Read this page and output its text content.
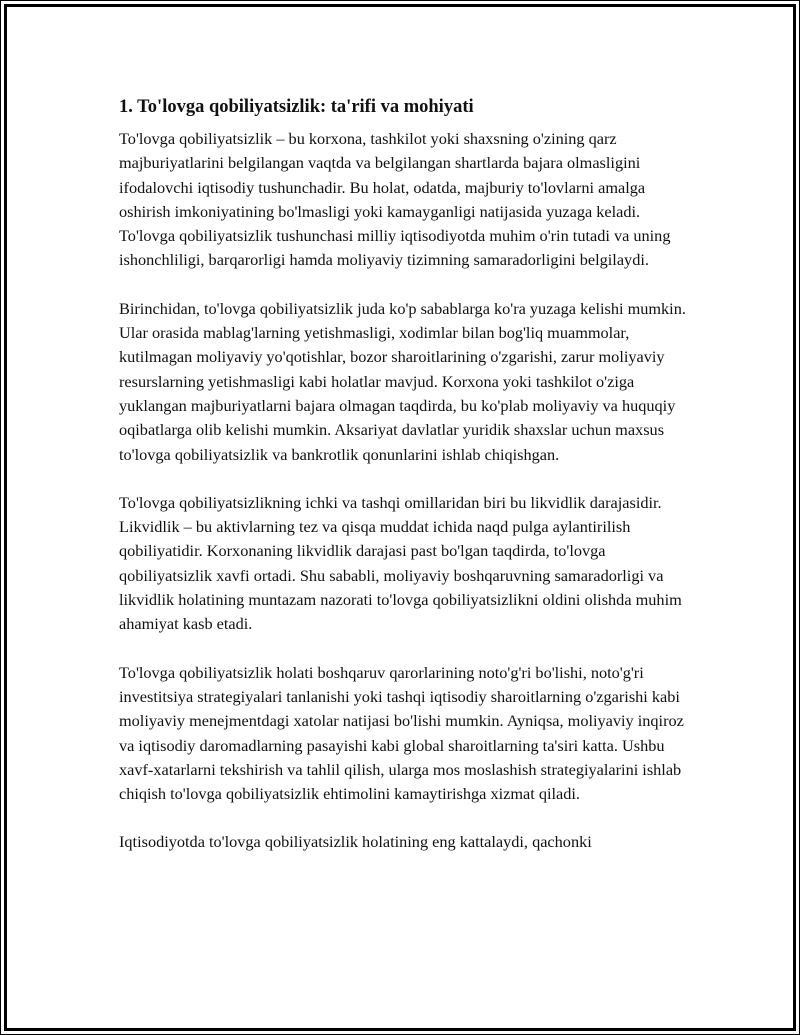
1. To'lovga qobiliyatsizlik: ta'rifi va mohiyati

To'lovga qobiliyatsizlik – bu korxona, tashkilot yoki shaxsning o'zining qarz majburiyatlarini belgilangan vaqtda va belgilangan shartlarda bajara olmasligini ifodalovchi iqtisodiy tushunchadir. Bu holat, odatda, majburiy to'lovlarni amalga oshirish imkoniyatining bo'lmasligi yoki kamayganligi natijasida yuzaga keladi. To'lovga qobiliyatsizlik tushunchasi milliy iqtisodiyotda muhim o'rin tutadi va uning ishonchliligi, barqarorligi hamda moliyaviy tizimning samaradorligini belgilaydi.

Birinchidan, to'lovga qobiliyatsizlik juda ko'p sabablarga ko'ra yuzaga kelishi mumkin. Ular orasida mablag'larning yetishmasligi, xodimlar bilan bog'liq muammolar, kutilmagan moliyaviy yo'qotishlar, bozor sharoitlarining o'zgarishi, zarur moliyaviy resurslarning yetishmasligi kabi holatlar mavjud. Korxona yoki tashkilot o'ziga yuklangan majburiyatlarni bajara olmagan taqdirda, bu ko'plab moliyaviy va huquqiy oqibatlarga olib kelishi mumkin. Aksariyat davlatlar yuridik shaxslar uchun maxsus to'lovga qobiliyatsizlik va bankrotlik qonunlarini ishlab chiqishgan.

To'lovga qobiliyatsizlikning ichki va tashqi omillaridan biri bu likvidlik darajasidir. Likvidlik – bu aktivlarning tez va qisqa muddat ichida naqd pulga aylantirilish qobiliyatidir. Korxonaning likvidlik darajasi past bo'lgan taqdirda, to'lovga qobiliyatsizlik xavfi ortadi. Shu sababli, moliyaviy boshqaruvning samaradorligi va likvidlik holatining muntazam nazorati to'lovga qobiliyatsizlikni oldini olishda muhim ahamiyat kasb etadi.

To'lovga qobiliyatsizlik holati boshqaruv qarorlarining noto'g'ri bo'lishi, noto'g'ri investitsiya strategiyalari tanlanishi yoki tashqi iqtisodiy sharoitlarning o'zgarishi kabi moliyaviy menejmentdagi xatolar natijasi bo'lishi mumkin. Ayniqsa, moliyaviy inqiroz va iqtisodiy daromadlarning pasayishi kabi global sharoitlarning ta'siri katta. Ushbu xavf-xatarlarni tekshirish va tahlil qilish, ularga mos moslashish strategiyalarini ishlab chiqish to'lovga qobiliyatsizlik ehtimolini kamaytirishga xizmat qiladi.

Iqtisodiyotda to'lovga qobiliyatsizlik holatining eng kattalaydi, qachonki
